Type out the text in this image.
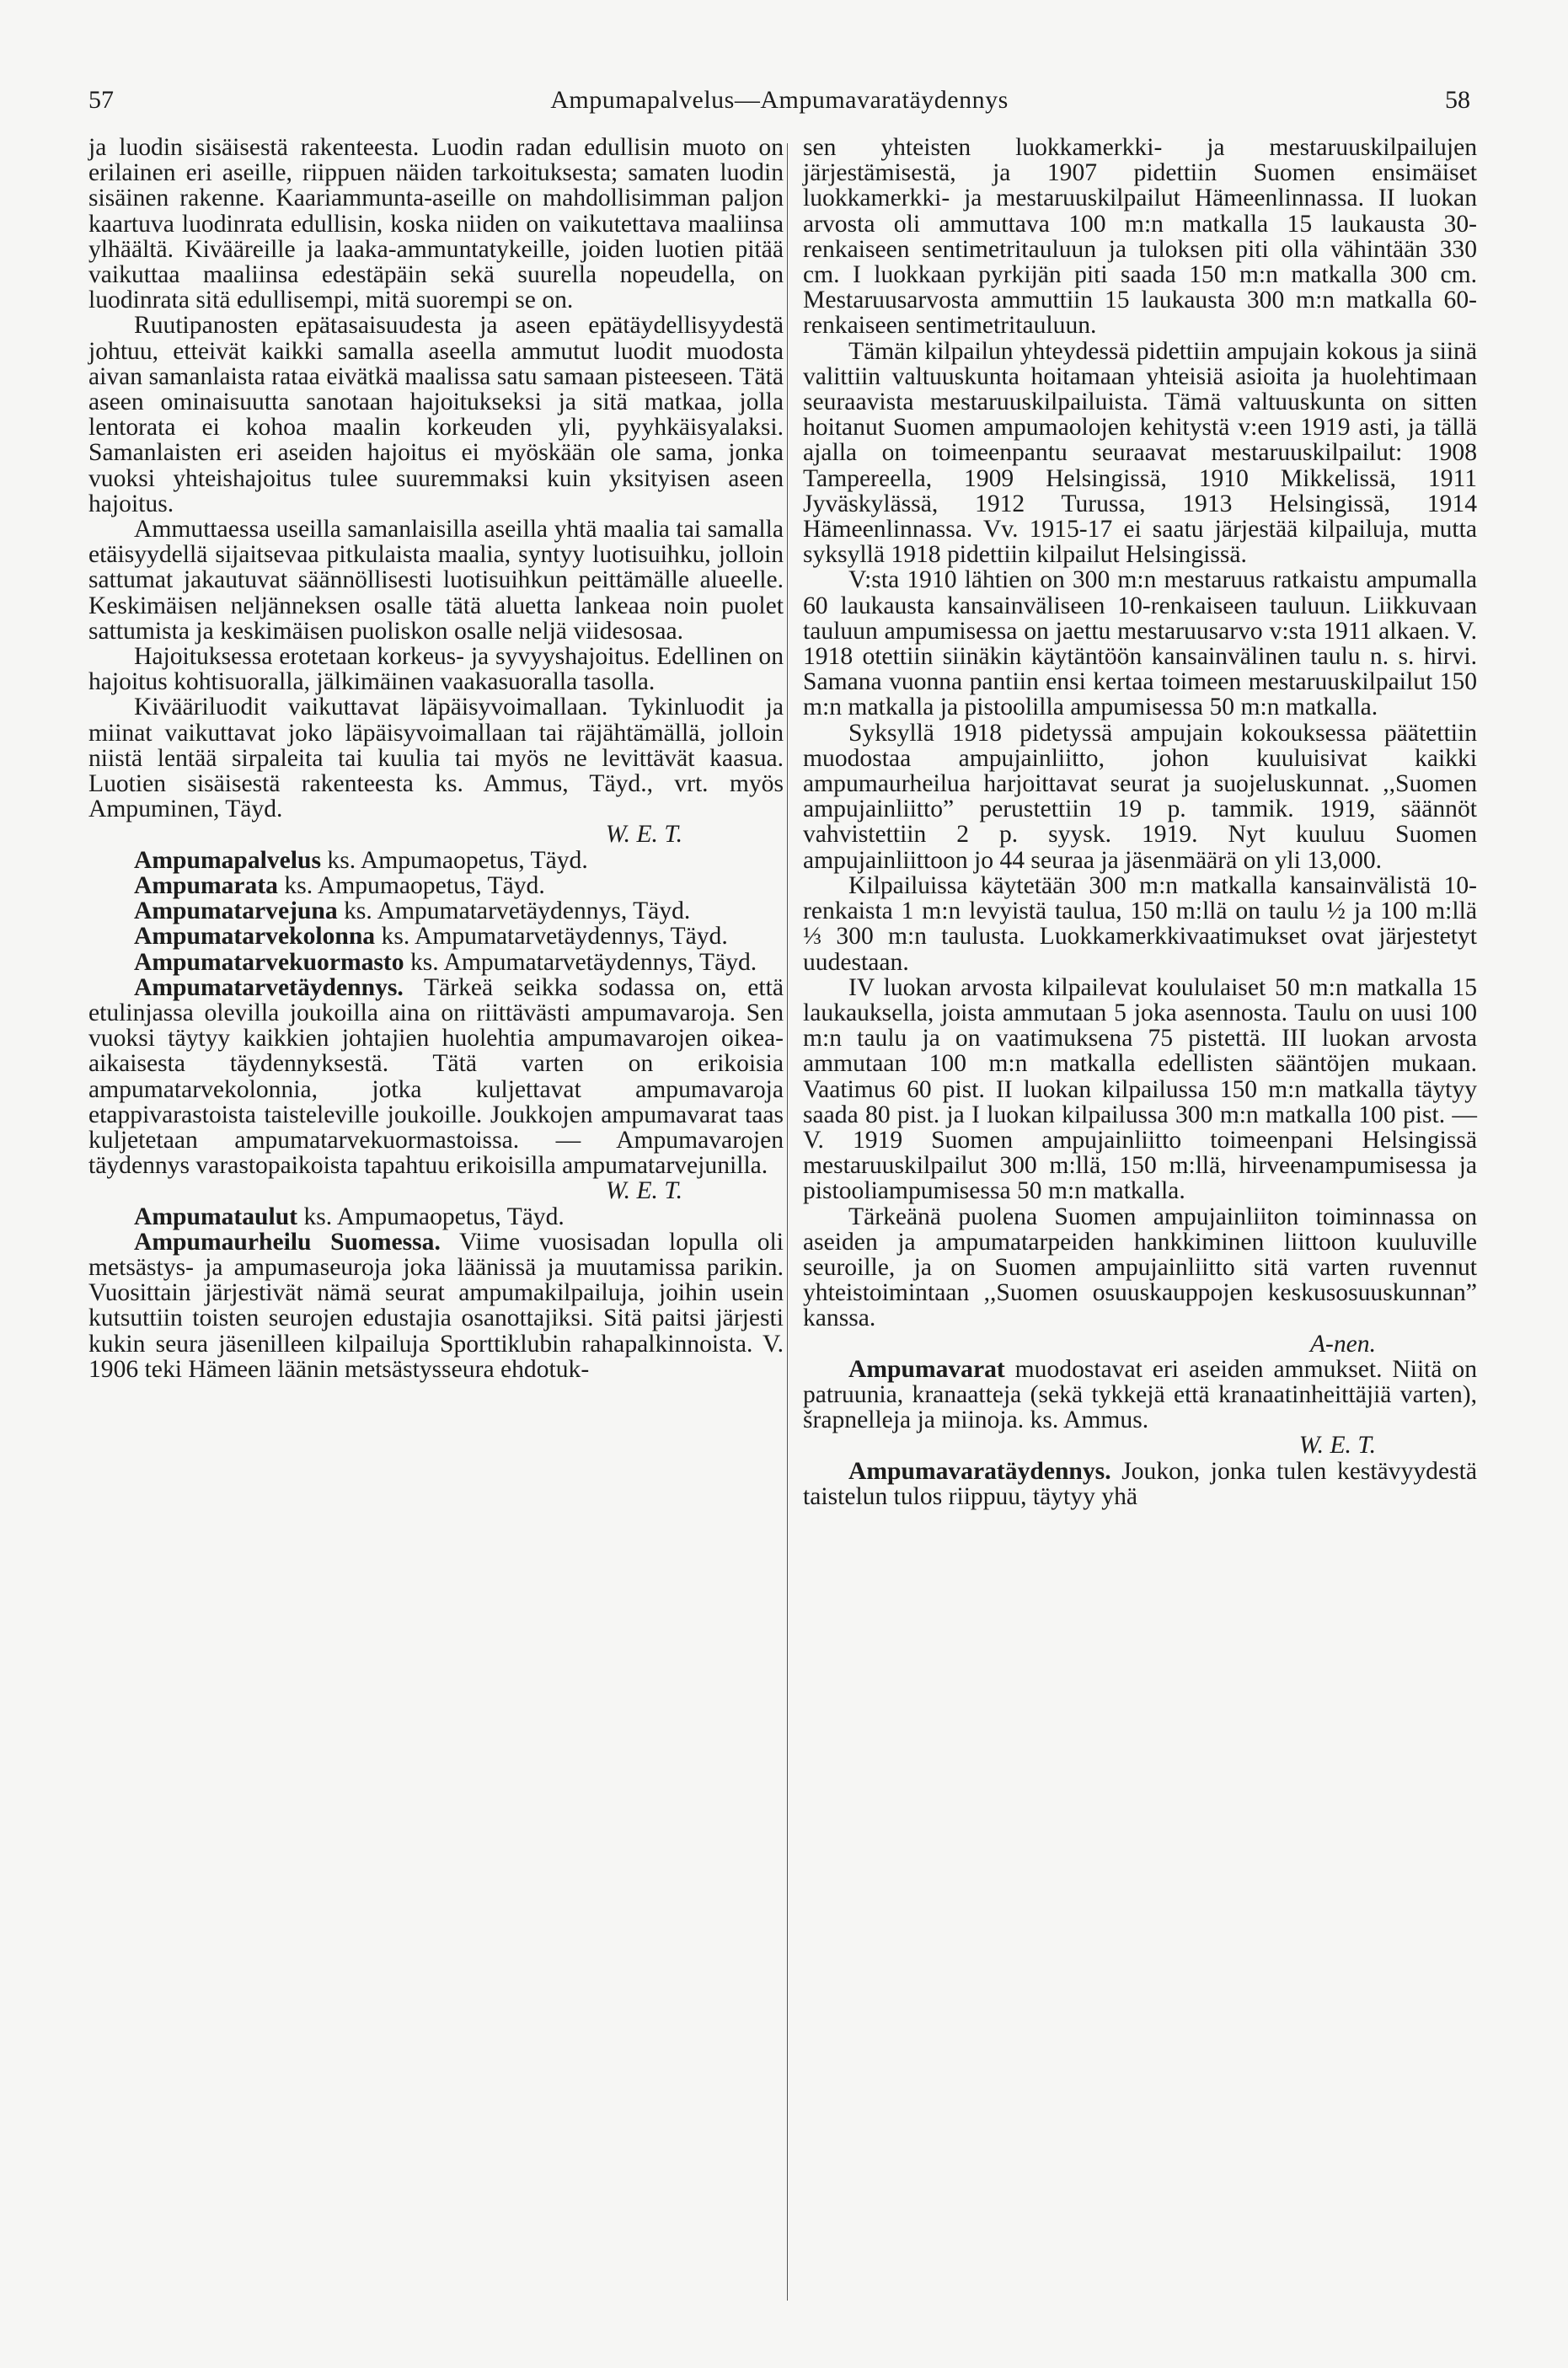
57	Ampumapalvelus—Ampumavaratäydennys	58

ja luodin sisäisestä rakenteesta. Luodin radan edullisin muoto on erilainen eri aseille, riippuen näiden tarkoituksesta; samaten luodin sisäinen rakenne. Kaariammunta-aseille on mahdollisimman paljon kaartuva luodinrata edullisin, koska niiden on vaikutettava maaliinsa ylhäältä. Kivääreille ja laaka-ammuntatykeille, joiden luotien pitää vaikuttaa maaliinsa edestäpäin sekä suurella nopeudella, on luodinrata sitä edullisempi, mitä suorempi se on.

Ruutipanosten epätasaisuudesta ja aseen epätäydellisyydestä johtuu, etteivät kaikki samalla aseella ammutut luodit muodosta aivan samanlaista rataa eivätkä maalissa satu samaan pisteeseen. Tätä aseen ominaisuutta sanotaan hajoitukseksi ja sitä matkaa, jolla lentorata ei kohoa maalin korkeuden yli, pyyhkäisyalaksi. Samanlaisten eri aseiden hajoitus ei myöskään ole sama, jonka vuoksi yhteishajoitus tulee suuremmaksi kuin yksityisen aseen hajoitus.

Ammuttaessa useilla samanlaisilla aseilla yhtä maalia tai samalla etäisyydellä sijaitsevaa pitkulaista maalia, syntyy luotisuihku, jolloin sattumat jakautuvat säännöllisesti luotisuihkun peittämälle alueelle. Keskimäisen neljänneksen osalle tätä aluetta lankeaa noin puolet sattumista ja keskimäisen puoliskon osalle neljä viidesosaa.

Hajoituksessa erotetaan korkeus- ja syvyyshajoitus. Edellinen on hajoitus kohtisuoralla, jälkimäinen vaakasuoralla tasolla.

Kivääriluodit vaikuttavat läpäisyvoimallaan. Tykinluodit ja miinat vaikuttavat joko läpäisyvoimallaan tai räjähtämällä, jolloin niistä lentää sirpaleita tai kuulia tai myös ne levittävät kaasua. Luotien sisäisestä rakenteesta ks. Ammus, Täyd., vrt. myös Ampuminen, Täyd.

W. E. T.

Ampumapalvelus ks. Ampumaopetus, Täyd.

Ampumarata ks. Ampumaopetus, Täyd.

Ampumatarvejuna ks. Ampumatarvetäydennys, Täyd.

Ampumatarvekolonna ks. Ampumatarvetäydennys, Täyd.

Ampumatarvekuormasto ks. Ampumatarvetäydennys, Täyd.

Ampumatarvetäydennys. Tärkeä seikka sodassa on, että etulinjassa olevilla joukoilla aina on riittävästi ampumavaroja. Sen vuoksi täytyy kaikkien johtajien huolehtia ampumavarojen oikea-aikaisesta täydennyksestä. Tätä varten on erikoisia ampumatarvekolonnia, jotka kuljettavat ampumavaroja etappivarastoista taisteleville joukoille. Joukkojen ampumavarat taas kuljetetaan ampumatarvekuormastoissa. — Ampumavarojen täydennys varastopaikoista tapahtuu erikoisilla ampumatarvejunilla.

W. E. T.

Ampumataulut ks. Ampumaopetus, Täyd.

Ampumaurheilu Suomessa. Viime vuosisadan lopulla oli metsästys- ja ampumaseuroja joka läänissä ja muutamissa parikin. Vuosittain järjestivät nämä seurat ampumakilpailuja, joihin usein kutsuttiin toisten seurojen edustajia osanottajiksi. Sitä paitsi järjesti kukin seura jäsenilleen kilpailuja Sporttiklubin rahapalkinnoista. V. 1906 teki Hämeen läänin metsästysseura ehdotuk-

sen yhteisten luokkamerkki- ja mestaruuskilpailujen järjestämisestä, ja 1907 pidettiin Suomen ensimäiset luokkamerkki- ja mestaruuskilpailut Hämeenlinnassa. II luokan arvosta oli ammuttava 100 m:n matkalla 15 laukausta 30-renkaiseen sentimetritauluun ja tuloksen piti olla vähintään 330 cm. I luokkaan pyrkijän piti saada 150 m:n matkalla 300 cm. Mestaruusarvosta ammuttiin 15 laukausta 300 m:n matkalla 60-renkaiseen sentimetritauluun.

Tämän kilpailun yhteydessä pidettiin ampujain kokous ja siinä valittiin valtuuskunta hoitamaan yhteisiä asioita ja huolehtimaan seuraavista mestaruuskilpailuista. Tämä valtuuskunta on sitten hoitanut Suomen ampumaolojen kehitystä v:een 1919 asti, ja tällä ajalla on toimeenpantu seuraavat mestaruuskilpailut: 1908 Tampereella, 1909 Helsingissä, 1910 Mikkelissä, 1911 Jyväskylässä, 1912 Turussa, 1913 Helsingissä, 1914 Hämeenlinnassa. Vv. 1915-17 ei saatu järjestää kilpailuja, mutta syksyllä 1918 pidettiin kilpailut Helsingissä.

V:sta 1910 lähtien on 300 m:n mestaruus ratkaistu ampumalla 60 laukausta kansainväliseen 10-renkaiseen tauluun. Liikkuvaan tauluun ampumisessa on jaettu mestaruusarvo v:sta 1911 alkaen. V. 1918 otettiin siinäkin käytäntöön kansainvälinen taulu n. s. hirvi. Samana vuonna pantiin ensi kertaa toimeen mestaruuskilpailut 150 m:n matkalla ja pistoolilla ampumisessa 50 m:n matkalla.

Syksyllä 1918 pidetyssä ampujain kokouksessa päätettiin muodostaa ampujainliitto, johon kuuluisivat kaikki ampumaurheilua harjoittavat seurat ja suojeluskunnat. ,,Suomen ampujainliitto” perustettiin 19 p. tammik. 1919, säännöt vahvistettiin 2 p. syysk. 1919. Nyt kuuluu Suomen ampujainliittoon jo 44 seuraa ja jäsenmäärä on yli 13,000.

Kilpailuissa käytetään 300 m:n matkalla kansainvälistä 10-renkaista 1 m:n levyistä taulua, 150 m:llä on taulu ½ ja 100 m:llä ⅓ 300 m:n taulusta. Luokkamerkkivaatimukset ovat järjestetyt uudestaan.

IV luokan arvosta kilpailevat koululaiset 50 m:n matkalla 15 laukauksella, joista ammutaan 5 joka asennosta. Taulu on uusi 100 m:n taulu ja on vaatimuksena 75 pistettä. III luokan arvosta ammutaan 100 m:n matkalla edellisten sääntöjen mukaan. Vaatimus 60 pist. II luokan kilpailussa 150 m:n matkalla täytyy saada 80 pist. ja I luokan kilpailussa 300 m:n matkalla 100 pist. — V. 1919 Suomen ampujainliitto toimeenpani Helsingissä mestaruuskilpailut 300 m:llä, 150 m:llä, hirveenampumisessa ja pistooliampumisessa 50 m:n matkalla.

Tärkeänä puolena Suomen ampujainliiton toiminnassa on aseiden ja ampumatarpeiden hankkiminen liittoon kuuluville seuroille, ja on Suomen ampujainliitto sitä varten ruvennut yhteistoimintaan ,,Suomen osuuskauppojen keskusosuuskunnan” kanssa.

A-nen.

Ampumavarat muodostavat eri aseiden ammukset. Niitä on patruunia, kranaatteja (sekä tykkejä että kranaatinheittäjiä varten), šrapnelleja ja miinoja. ks. Ammus.

W. E. T.

Ampumavaratäydennys. Joukon, jonka tulen kestävyydestä taistelun tulos riippuu, täytyy yhä
